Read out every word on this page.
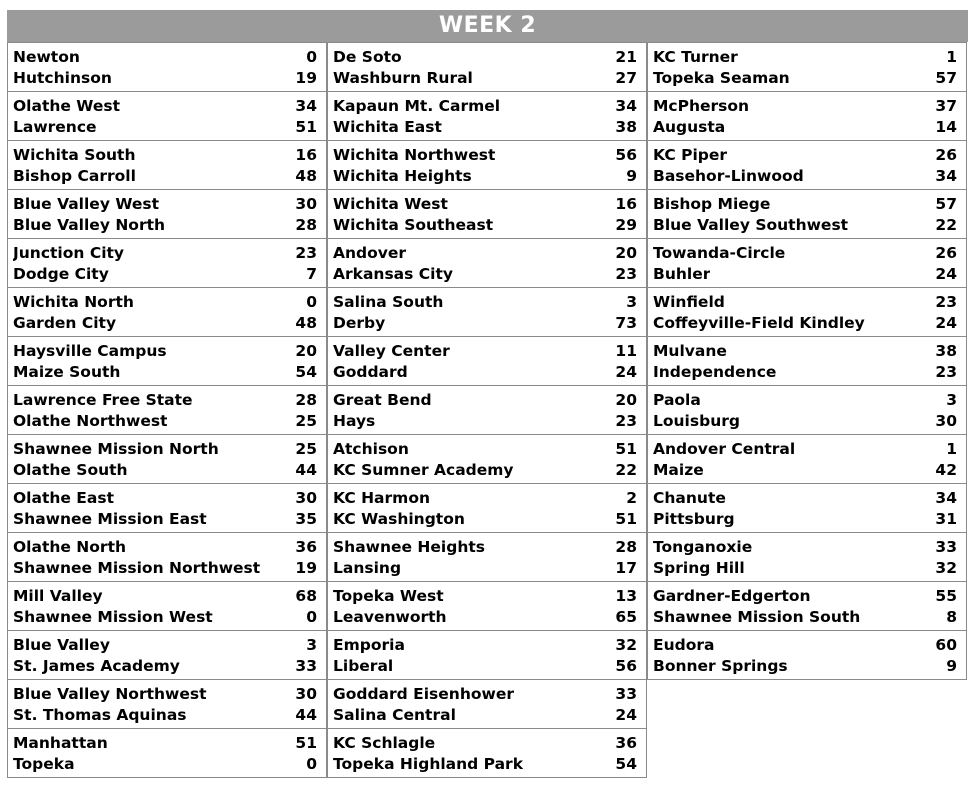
WEEK 2
Newton	0
Hutchinson	19
Olathe West	34
Lawrence	51
Wichita South	16
Bishop Carroll	48
Blue Valley West	30
Blue Valley North	28
Junction City	23
Dodge City	7
Wichita North	0
Garden City	48
Haysville Campus	20
Maize South	54
Lawrence Free State	28
Olathe Northwest	25
Shawnee Mission North	25
Olathe South	44
Olathe East	30
Shawnee Mission East	35
Olathe North	36
Shawnee Mission Northwest 19
Mill Valley	68
Shawnee Mission West	0
Blue Valley	3
St. James Academy	33
Blue Valley Northwest	30
St. Thomas Aquinas	44
Manhattan	51
Topeka	0
De Soto	21
Washburn Rural	27
Kapaun Mt. Carmel	34
Wichita East	38
Wichita Northwest	56
Wichita Heights	9
Wichita West	16
Wichita Southeast	29
Andover	20
Arkansas City	23
Salina South	3
Derby	73
Valley Center	11
Goddard	24
Great Bend	20
Hays	23
Atchison	51
KC Sumner Academy	22
KC Harmon	2
KC Washington	51
Shawnee Heights	28
Lansing	17
Topeka West	13
Leavenworth	65
Emporia	32
Liberal	56
Goddard Eisenhower	33
Salina Central	24
KC Schlagle	36
Topeka Highland Park	54
KC Turner	1
Topeka Seaman	57
McPherson	37
Augusta	14
KC Piper	26
Basehor-Linwood	34
Bishop Miege	57
Blue Valley Southwest	22
Towanda-Circle	26
Buhler	24
Winfield	23
Coffeyville-Field Kindley	24
Mulvane	38
Independence	23
Paola	3
Louisburg	30
Andover Central	1
Maize	42
Chanute	34
Pittsburg	31
Tonganoxie	33
Spring Hill	32
Gardner-Edgerton	55
Shawnee Mission South	8
Eudora	60
Bonner Springs	9
